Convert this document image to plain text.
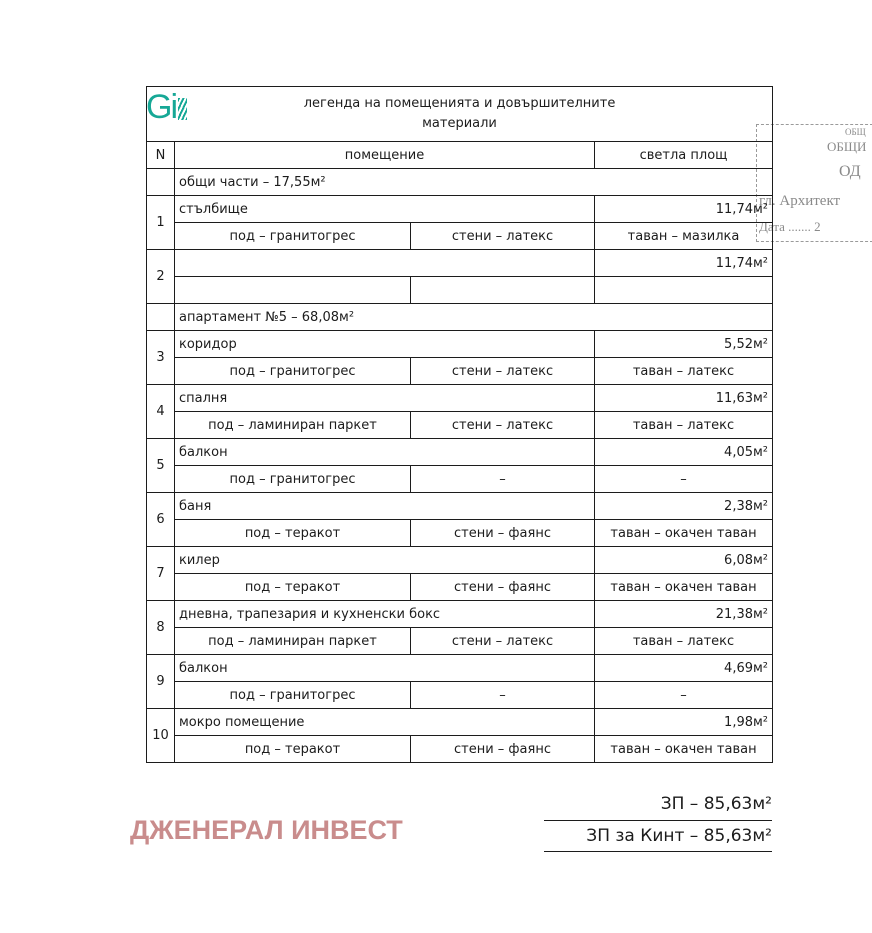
Gi
ОБЩ
ОБЩИ
ОД
гл. Архитект
Дата ....... 2
легенда на помещенията и довършителните
материали			

N	помещение		светла площ
	общи части – 17,55м²		
1	стълбище		11,74м²
	под – гранитогрес	стени – латекс	таван – мазилка
2			11,74м²

	апартамент №5 – 68,08м²		
3	коридор		5,52м²
	под – гранитогрес	стени – латекс	таван – латекс
4	спалня		11,63м²
	под – ламиниран паркет	стени – латекс	таван – латекс
5	балкон		4,05м²
	под – гранитогрес	–	–
6	баня		2,38м²
	под – теракот	стени – фаянс	таван – окачен таван
7	килер		6,08м²
	под – теракот	стени – фаянс	таван – окачен таван
8	дневна, трапезария и кухненски бокс		21,38м²
	под – ламиниран паркет	стени – латекс	таван – латекс
9	балкон		4,69м²
	под – гранитогрес	–	–
10	мокро помещение		1,98м²
	под – теракот	стени – фаянс	таван – окачен таван
ЗП – 85,63м²
ЗП за Кинт – 85,63м²
ДЖЕНЕРАЛ ИНВЕСТ
